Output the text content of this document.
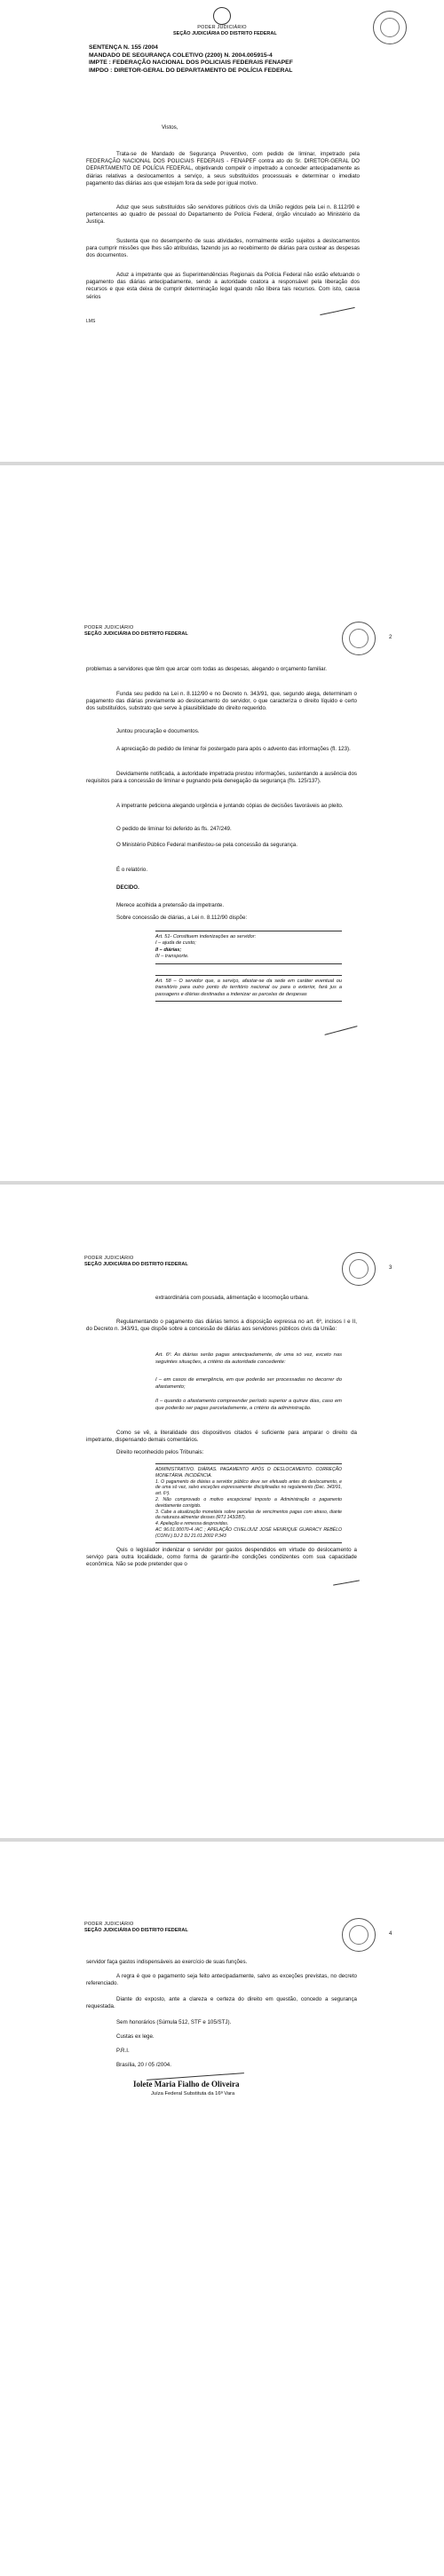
PODER JUDICIÁRIO
SEÇÃO JUDICIÁRIA DO DISTRITO FEDERAL
SENTENÇA N. 155 /2004
MANDADO DE SEGURANÇA COLETIVO (2200) N. 2004.005915-4
IMPTE : FEDERAÇÃO NACIONAL DOS POLICIAIS FEDERAIS FENAPEF
IMPDO : DIRETOR-GERAL DO DEPARTAMENTO DE POLÍCIA FEDERAL
Vistos,
Trata-se de Mandado de Segurança Preventivo, com pedido de liminar, impetrado pela FEDERAÇÃO NACIONAL DOS POLICIAIS FEDERAIS - FENAPEF contra ato do Sr. DIRETOR-GERAL DO DEPARTAMENTO DE POLÍCIA FEDERAL, objetivando compelir o impetrado a conceder antecipadamente as diárias relativas a deslocamentos a serviço, a seus substituídos processuais e determinar o imediato pagamento das diárias aos que estejam fora da sede por igual motivo.
Aduz que seus substituídos são servidores públicos civis da União regidos pela Lei n. 8.112/90 e pertencentes ao quadro de pessoal do Departamento de Polícia Federal, órgão vinculado ao Ministério da Justiça.
Sustenta que no desempenho de suas atividades, normalmente estão sujeitos a deslocamentos para cumprir missões que lhes são atribuídas, fazendo jus ao recebimento de diárias para custear as despesas dos documentos.
Aduz a impetrante que as Superintendências Regionais da Polícia Federal não estão efetuando o pagamento das diárias antecipadamente, sendo a autoridade coatora a responsável pela liberação dos recursos e que esta deixa de cumprir determinação legal quando não libera tais recursos. Com isto, causa sérios
LMS
PODER JUDICIÁRIO
SEÇÃO JUDICIÁRIA DO DISTRITO FEDERAL
2
problemas a servidores que têm que arcar com todas as despesas, alegando o orçamento familiar.
Funda seu pedido na Lei n. 8.112/90 e no Decreto n. 343/91, que, segundo alega, determinam o pagamento das diárias previamente ao deslocamento do servidor, o que caracteriza o direito líquido e certo dos substituídos, substrato que serve à plausibilidade do direito requerido.
Juntou procuração e documentos.
A apreciação do pedido de liminar foi postergado para após o advento das informações (fl. 123).
Devidamente notificada, a autoridade impetrada prestou informações, sustentando a ausência dos requisitos para a concessão de liminar e pugnando pela denegação da segurança (fls. 125/137).
A impetrante peticiona alegando urgência e juntando cópias de decisões favoráveis ao pleito.
O pedido de liminar foi deferido às fls. 247/249.
O Ministério Público Federal manifestou-se pela concessão da segurança.
É o relatório.
DECIDO.
Merece acolhida a pretensão da impetrante.
Sobre concessão de diárias, a Lei n. 8.112/90 dispõe:
Art. 51- Constituem indenizações ao servidor:
I – ajuda de custo;
II – diárias;
III – transporte.
Art. 58 – O servidor que, a serviço, afastar-se da sede em caráter eventual ou transitório para outro ponto do território nacional ou para o exterior, fará jus a passagens e diárias destinadas a indenizar as parcelas de despesas
PODER JUDICIÁRIO
SEÇÃO JUDICIÁRIA DO DISTRITO FEDERAL
3
extraordinária com pousada, alimentação e locomoção urbana.
Regulamentando o pagamento das diárias temos a disposição expressa no art. 6º, incisos I e II, do Decreto n. 343/91, que dispõe sobre a concessão de diárias aos servidores públicos civis da União:
Art. 6º. As diárias serão pagas antecipadamente, de uma só vez, exceto nas seguintes situações, a critério da autoridade concedente:
I – em casos de emergência, em que poderão ser processadas no decorrer do afastamento;
II – quando o afastamento compreender período superior a quinze dias, caso em que poderão ser pagas parceladamente, a critério da administração.
Como se vê, a literalidade dos dispositivos citados é suficiente para amparar o direito da impetrante, dispensando demais comentários.
Direito reconhecido pelos Tribunais:
ADMINISTRATIVO. DIÁRIAS. PAGAMENTO APÓS O DESLOCAMENTO. CORREÇÃO MONETÁRIA. INCIDÊNCIA.
1. O pagamento de diárias a servidor público deve ser efetuado antes do deslocamento, e de uma só vez, salvo exceções expressamente disciplinadas no regulamento (Dec. 343/91, art. 6º).
2. Não comprovado o motivo excepcional imposto a Administração o pagamento devidamente corrigido.
3. Cabe a atualização monetária sobre parcelas de vencimentos pagas com atraso, diante da natureza alimentar desses (RTJ 143/287).
4. Apelação e remessa desprovidas.
AC 96.01.00070-4 /AC ; APELAÇÃO CIVEL/JUIZ JOSÉ HENRIQUE GUARACY REBÊLO (CONV.) DJ 2 DJ 21.01.2002 P.343
Quis o legislador indenizar o servidor por gastos despendidos em virtude do deslocamento a serviço para outra localidade, como forma de garantir-lhe condições condizentes com sua capacidade econômica. Não se pode pretender que o
PODER JUDICIÁRIO
SEÇÃO JUDICIÁRIA DO DISTRITO FEDERAL
4
servidor faça gastos indispensáveis ao exercício de suas funções.
A regra é que o pagamento seja feito antecipadamente, salvo as exceções previstas, no decreto referenciado.
Diante do exposto, ante a clareza e certeza do direito em questão, concedo a segurança requestada.
Sem honorários (Súmula 512, STF e 105/STJ).
Custas ex lege.
P.R.I.
Brasília, 20 / 05 /2004.
Iolete Maria Fialho de Oliveira
Juíza Federal Substituta da 16ª Vara
